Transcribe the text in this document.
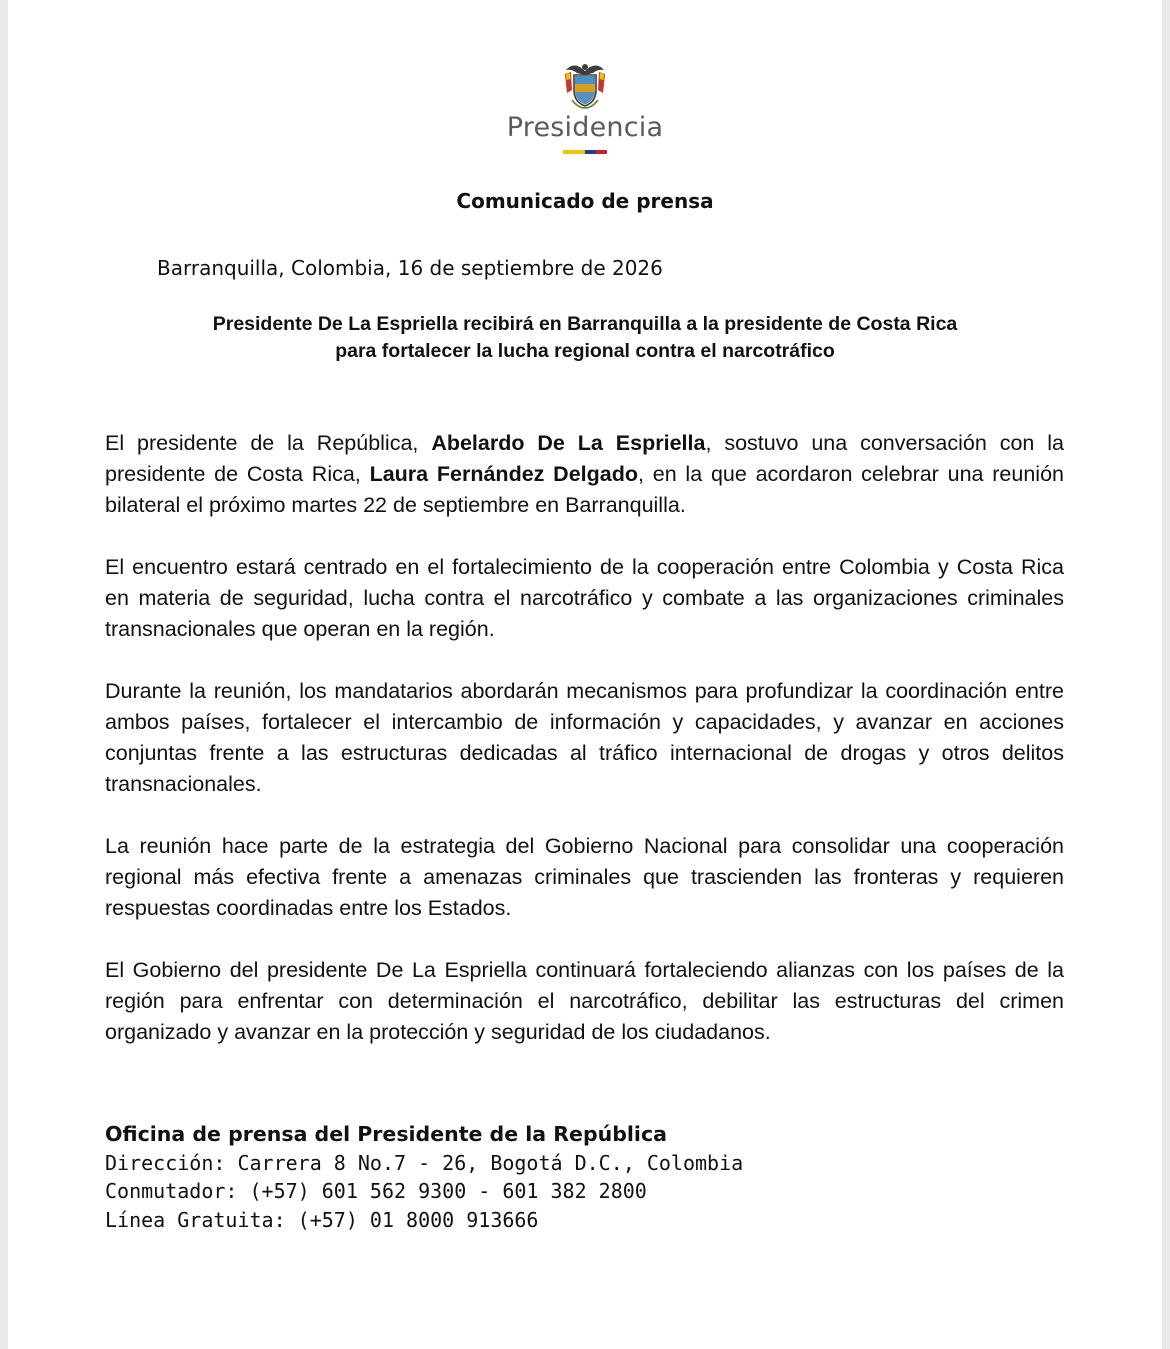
Presidencia
Comunicado de prensa
Barranquilla, Colombia, 16 de septiembre de 2026
Presidente De La Espriella recibirá en Barranquilla a la presidente de Costa Rica
para fortalecer la lucha regional contra el narcotráfico

El presidente de la República, Abelardo De La Espriella, sostuvo una conversación con la presidente de Costa Rica, Laura Fernández Delgado, en la que acordaron celebrar una reunión bilateral el próximo martes 22 de septiembre en Barranquilla.

El encuentro estará centrado en el fortalecimiento de la cooperación entre Colombia y Costa Rica en materia de seguridad, lucha contra el narcotráfico y combate a las organizaciones criminales transnacionales que operan en la región.

Durante la reunión, los mandatarios abordarán mecanismos para profundizar la coordinación entre ambos países, fortalecer el intercambio de información y capacidades, y avanzar en acciones conjuntas frente a las estructuras dedicadas al tráfico internacional de drogas y otros delitos transnacionales.

La reunión hace parte de la estrategia del Gobierno Nacional para consolidar una cooperación regional más efectiva frente a amenazas criminales que trascienden las fronteras y requieren respuestas coordinadas entre los Estados.

El Gobierno del presidente De La Espriella continuará fortaleciendo alianzas con los países de la región para enfrentar con determinación el narcotráfico, debilitar las estructuras del crimen organizado y avanzar en la protección y seguridad de los ciudadanos.

Oficina de prensa del Presidente de la República
Dirección: Carrera 8 No.7 - 26, Bogotá D.C., Colombia
Conmutador: (+57) 601 562 9300 - 601 382 2800
Línea Gratuita: (+57) 01 8000 913666
